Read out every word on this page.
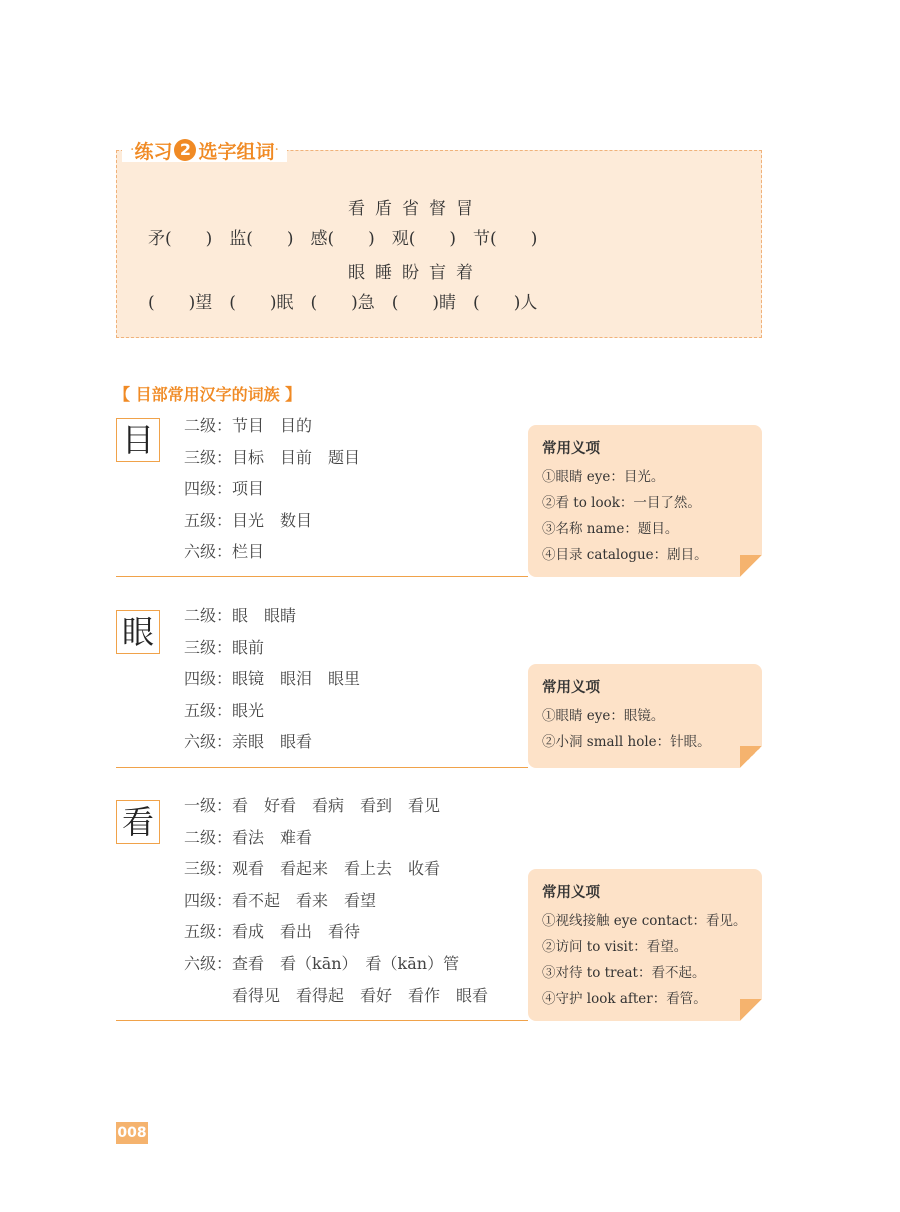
· 练习 2 选字组词 ·
看盾省督冒
矛(　　)　监(　　)　感(　　)　观(　　)　节(　　)
眼睡盼盲着
(　　)望　(　　)眠　(　　)急　(　　)睛　(　　)人
【 目部常用汉字的词族 】
目	二级：节目　目的
三级：目标　目前　题目
四级：项目
五级：目光　数目
六级：栏目
常用义项
①眼睛 eye：目光。
②看 to look：一目了然。
③名称 name：题目。
④目录 catalogue：剧目。
眼	二级：眼　眼睛
三级：眼前
四级：眼镜　眼泪　眼里
五级：眼光
六级：亲眼　眼看
常用义项
①眼睛 eye：眼镜。
②小洞 small hole：针眼。
看	一级：看　好看　看病　看到　看见
二级：看法　难看
三级：观看　看起来　看上去　收看
四级：看不起　看来　看望
五级：看成　看出　看待
六级：查看　看（kān）　看（kān）管
　　　看得见　看得起　看好　看作　眼看
常用义项
①视线接触 eye contact：看见。
②访问 to visit：看望。
③对待 to treat：看不起。
④守护 look after：看管。
008
